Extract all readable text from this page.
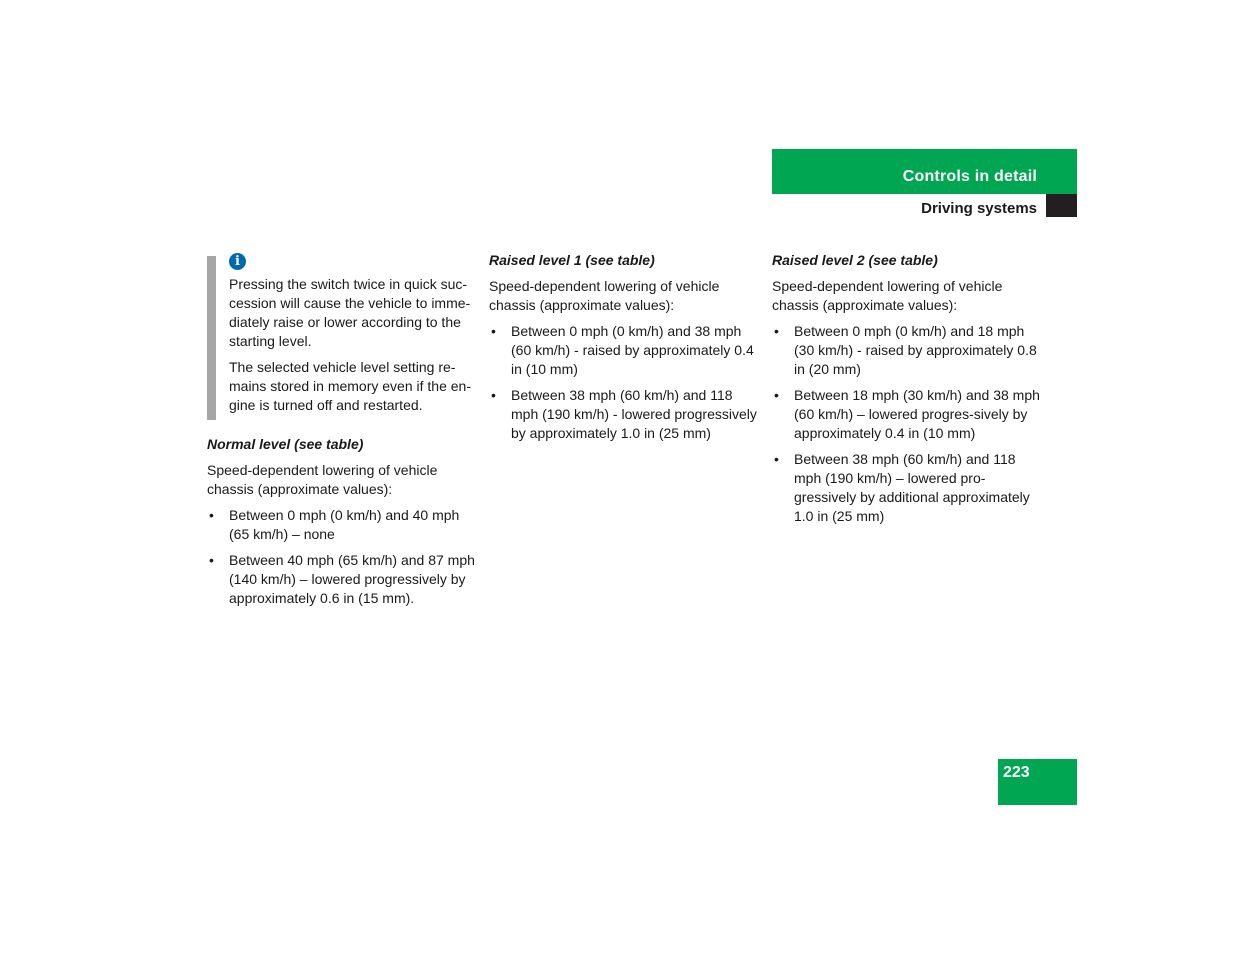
Controls in detail
Driving systems
i

Pressing the switch twice in quick suc-cession will cause the vehicle to imme-diately raise or lower according to the starting level.

The selected vehicle level setting re-mains stored in memory even if the en-gine is turned off and restarted.

Normal level (see table)

Speed-dependent lowering of vehicle chassis (approximate values):

• Between 0 mph (0 km/h) and 40 mph (65 km/h) – none
• Between 40 mph (65 km/h) and 87 mph (140 km/h) – lowered progressively by approximately 0.6 in (15 mm).

Raised level 1 (see table)

Speed-dependent lowering of vehicle chassis (approximate values):

• Between 0 mph (0 km/h) and 38 mph (60 km/h) - raised by approximately 0.4 in (10 mm)
• Between 38 mph (60 km/h) and 118 mph (190 km/h) - lowered progressively by approximately 1.0 in (25 mm)

Raised level 2 (see table)

Speed-dependent lowering of vehicle chassis (approximate values):

• Between 0 mph (0 km/h) and 18 mph (30 km/h) - raised by approximately 0.8 in (20 mm)
• Between 18 mph (30 km/h) and 38 mph (60 km/h) – lowered progres-sively by approximately 0.4 in (10 mm)
• Between 38 mph (60 km/h) and 118 mph (190 km/h) – lowered pro-gressively by additional approximately 1.0 in (25 mm)
223
